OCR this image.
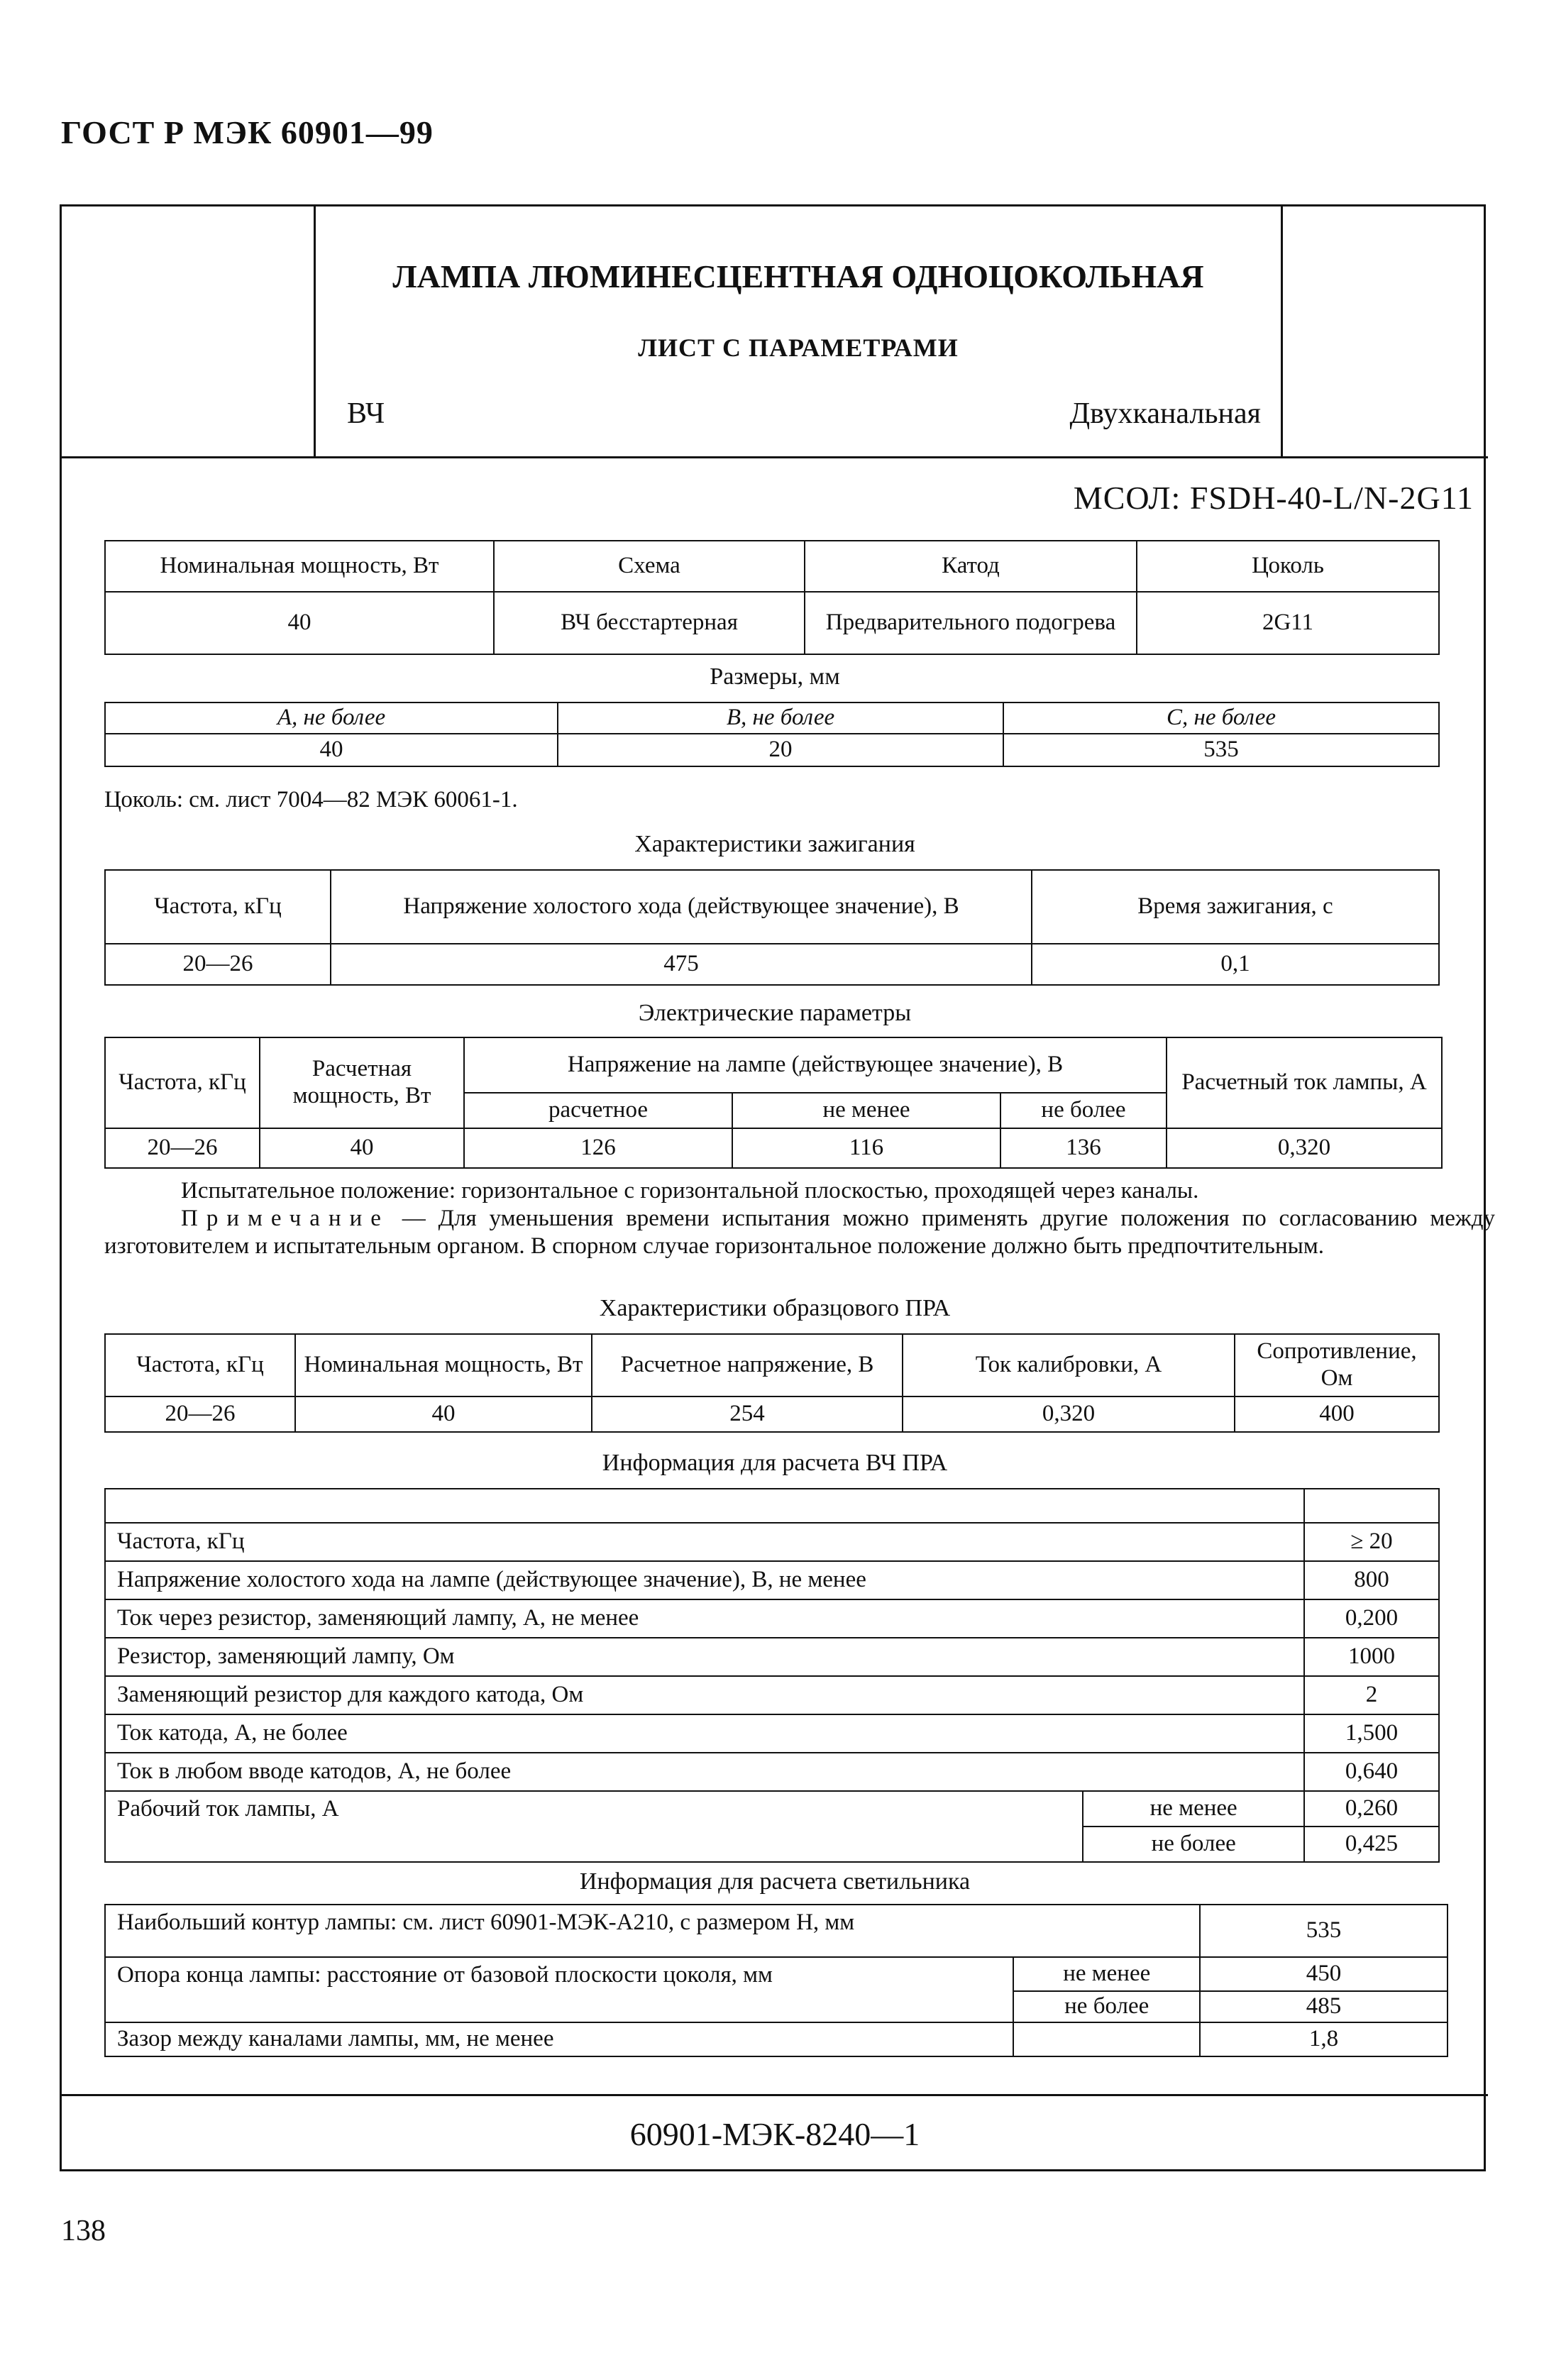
ГОСТ Р МЭК 60901—99
ЛАМПА ЛЮМИНЕСЦЕНТНАЯ ОДНОЦОКОЛЬНАЯ
ЛИСТ С ПАРАМЕТРАМИ
ВЧ	Двухканальная
МСОЛ: FSDH-40-L/N-2G11
Номинальная мощность, Вт	Схема	Катод	Цоколь
40	ВЧ бесстартерная	Предварительного подогрева	2G11
Размеры, мм
A, не более	B, не более	C, не более
40	20	535
Цоколь: см. лист 7004—82 МЭК 60061-1.
Характеристики зажигания
Частота, кГц	Напряжение холостого хода (действующее значение), В	Время зажигания, с
20—26	475	0,1
Электрические параметры
Частота, кГц	Расчетная мощность, Вт	Напряжение на лампе (действующее значение), В			Расчетный ток лампы, А
		расчетное	не менее	не более	
20—26	40	126	116	136	0,320

Испытательное положение: горизонтальное с горизонтальной плоскостью, проходящей через каналы.

Примечание — Для уменьшения времени испытания можно применять другие положения по согласованию между изготовителем и испытательным органом. В спорном случае горизонтальное положение должно быть предпочтительным.

Характеристики образцового ПРА
Частота, кГц	Номинальная мощность, Вт	Расчетное напряжение, В	Ток калибровки, А	Сопротивление, Ом
20—26	40	254	0,320	400
Информация для расчета ВЧ ПРА

Частота, кГц		≥ 20
Напряжение холостого хода на лампе (действующее значение), В, не менее		800
Ток через резистор, заменяющий лампу, А, не менее		0,200
Резистор, заменяющий лампу, Ом		1000
Заменяющий резистор для каждого катода, Ом		2
Ток катода, А, не более		1,500
Ток в любом вводе катодов, А, не более		0,640
Рабочий ток лампы, А	не менее	0,260
	не более	0,425
Информация для расчета светильника
Наибольший контур лампы: см. лист 60901-МЭК-А210, с размером H, мм		535
Опора конца лампы: расстояние от базовой плоскости цоколя, мм	не менее	450
	не более	485
Зазор между каналами лампы, мм, не менее		1,8
60901-МЭК-8240—1
138
